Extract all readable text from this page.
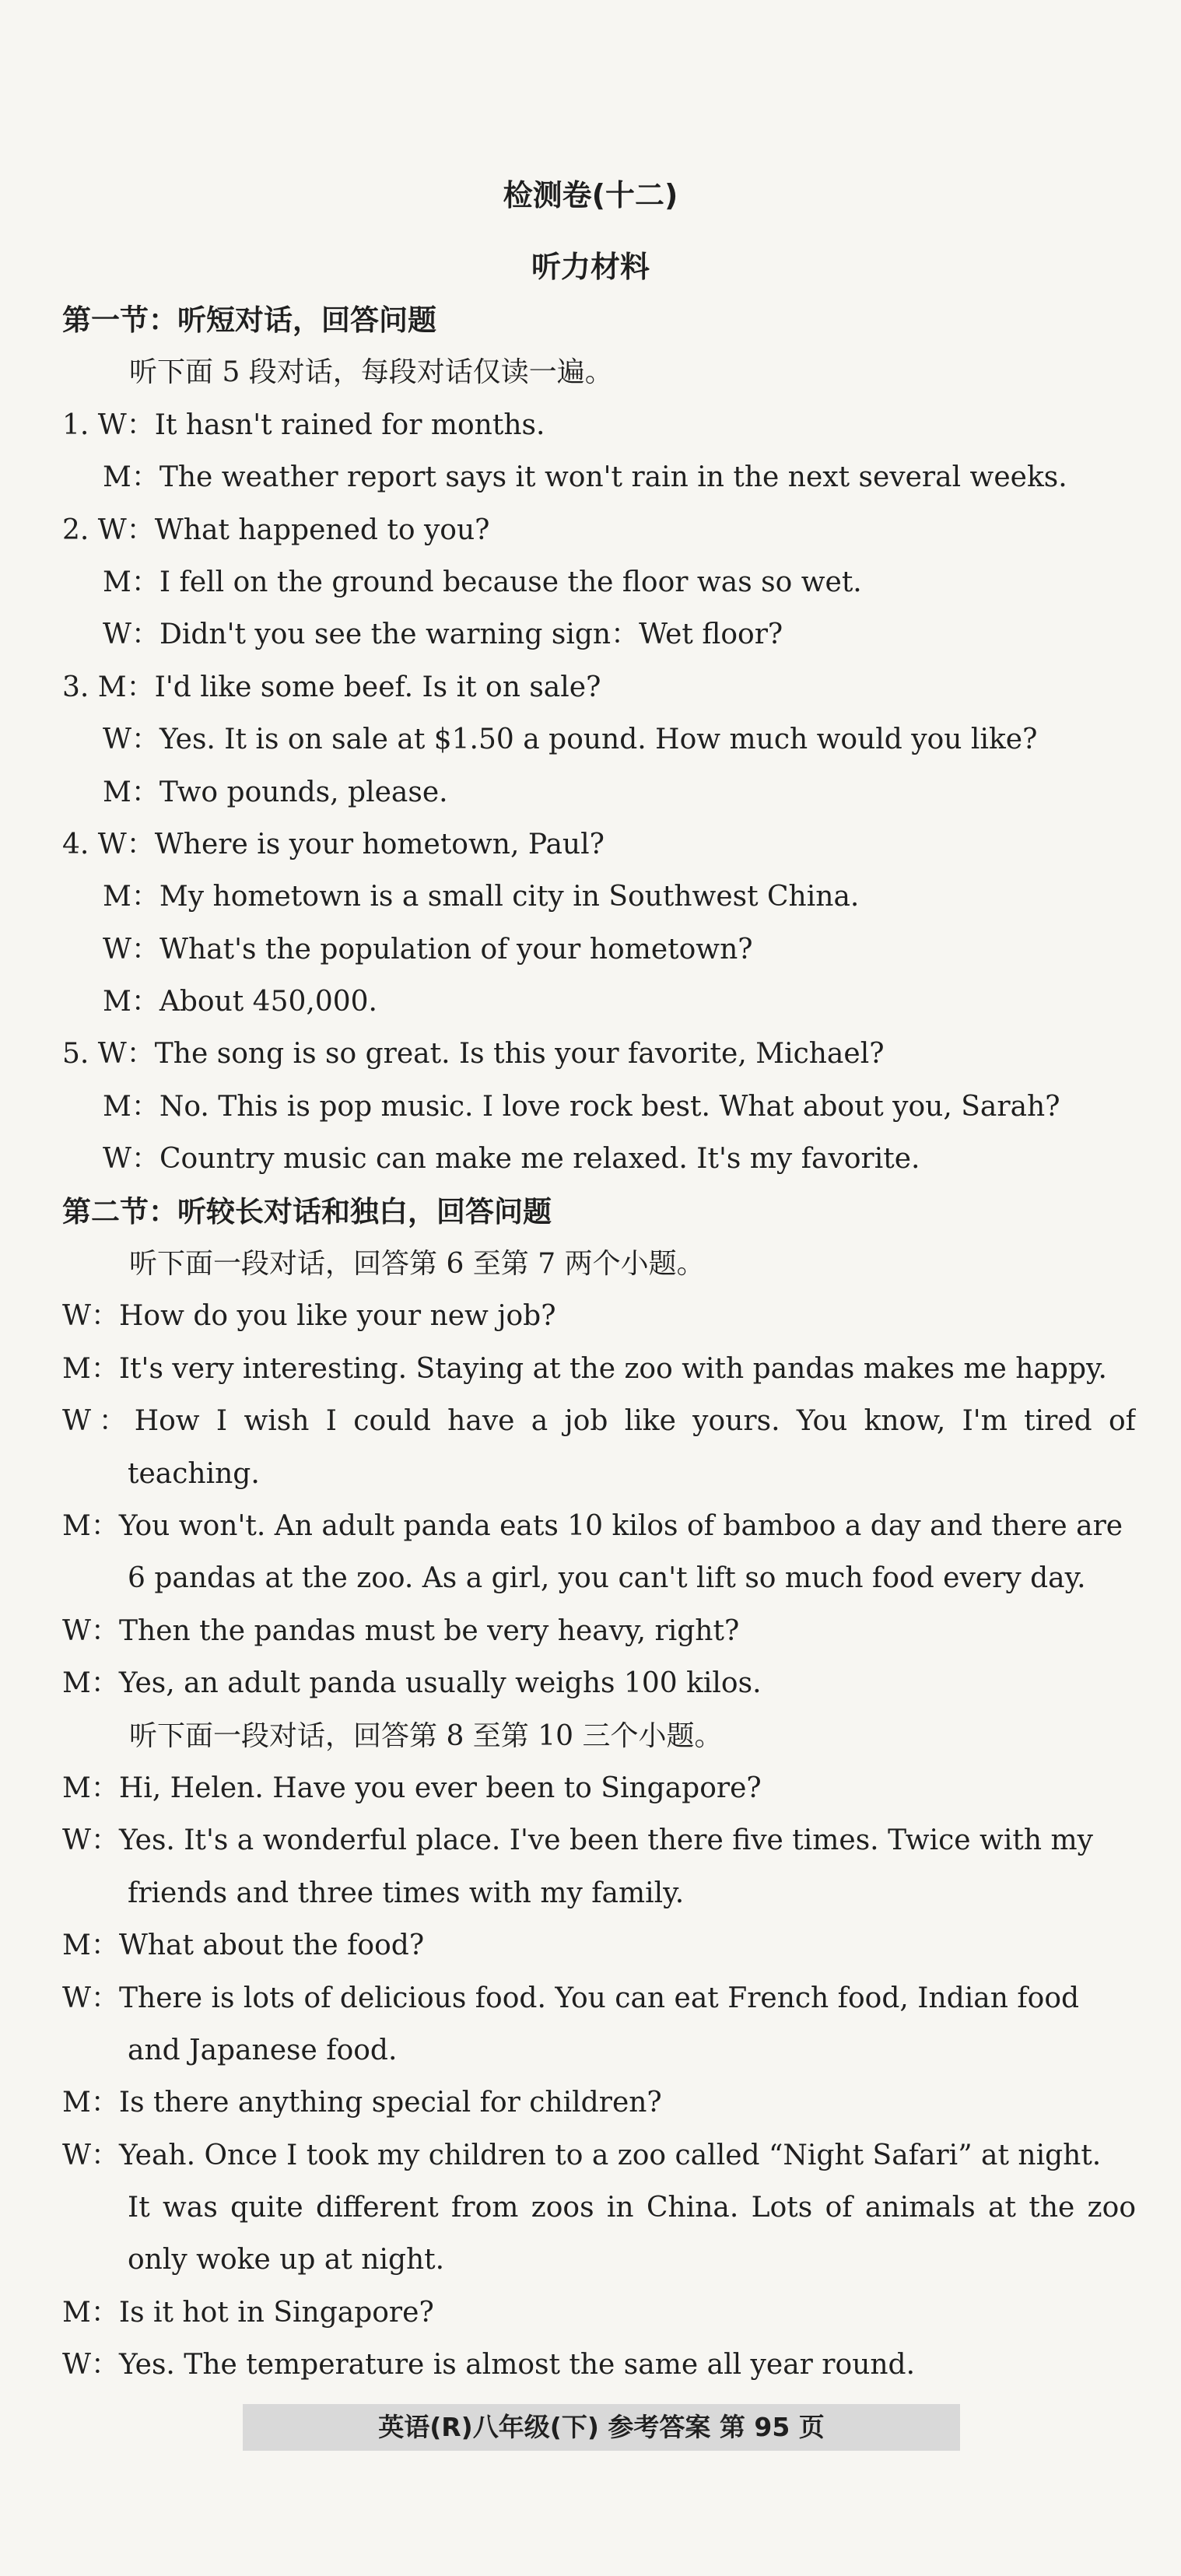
检测卷(十二)
听力材料
第一节：听短对话，回答问题
听下面 5 段对话，每段对话仅读一遍。
1. W：It hasn't rained for months.
M：The weather report says it won't rain in the next several weeks.
2. W：What happened to you?
M：I fell on the ground because the floor was so wet.
W：Didn't you see the warning sign：Wet floor?
3. M：I'd like some beef. Is it on sale?
W：Yes. It is on sale at $1.50 a pound. How much would you like?
M：Two pounds, please.
4. W：Where is your hometown, Paul?
M：My hometown is a small city in Southwest China.
W：What's the population of your hometown?
M：About 450,000.
5. W：The song is so great. Is this your favorite, Michael?
M：No. This is pop music. I love rock best. What about you, Sarah?
W：Country music can make me relaxed. It's my favorite.
第二节：听较长对话和独白，回答问题
听下面一段对话，回答第 6 至第 7 两个小题。
W：How do you like your new job?
M：It's very interesting. Staying at the zoo with pandas makes me happy.
W：How I wish I could have a job like yours. You know, I'm tired of
teaching.
M：You won't. An adult panda eats 10 kilos of bamboo a day and there are
6 pandas at the zoo. As a girl, you can't lift so much food every day.
W：Then the pandas must be very heavy, right?
M：Yes, an adult panda usually weighs 100 kilos.
听下面一段对话，回答第 8 至第 10 三个小题。
M：Hi, Helen. Have you ever been to Singapore?
W：Yes. It's a wonderful place. I've been there five times. Twice with my
friends and three times with my family.
M：What about the food?
W：There is lots of delicious food. You can eat French food, Indian food
and Japanese food.
M：Is there anything special for children?
W：Yeah. Once I took my children to a zoo called “Night Safari” at night.
It was quite different from zoos in China. Lots of animals at the zoo
only woke up at night.
M：Is it hot in Singapore?
W：Yes. The temperature is almost the same all year round.
英语(R)八年级(下) 参考答案 第 95 页
